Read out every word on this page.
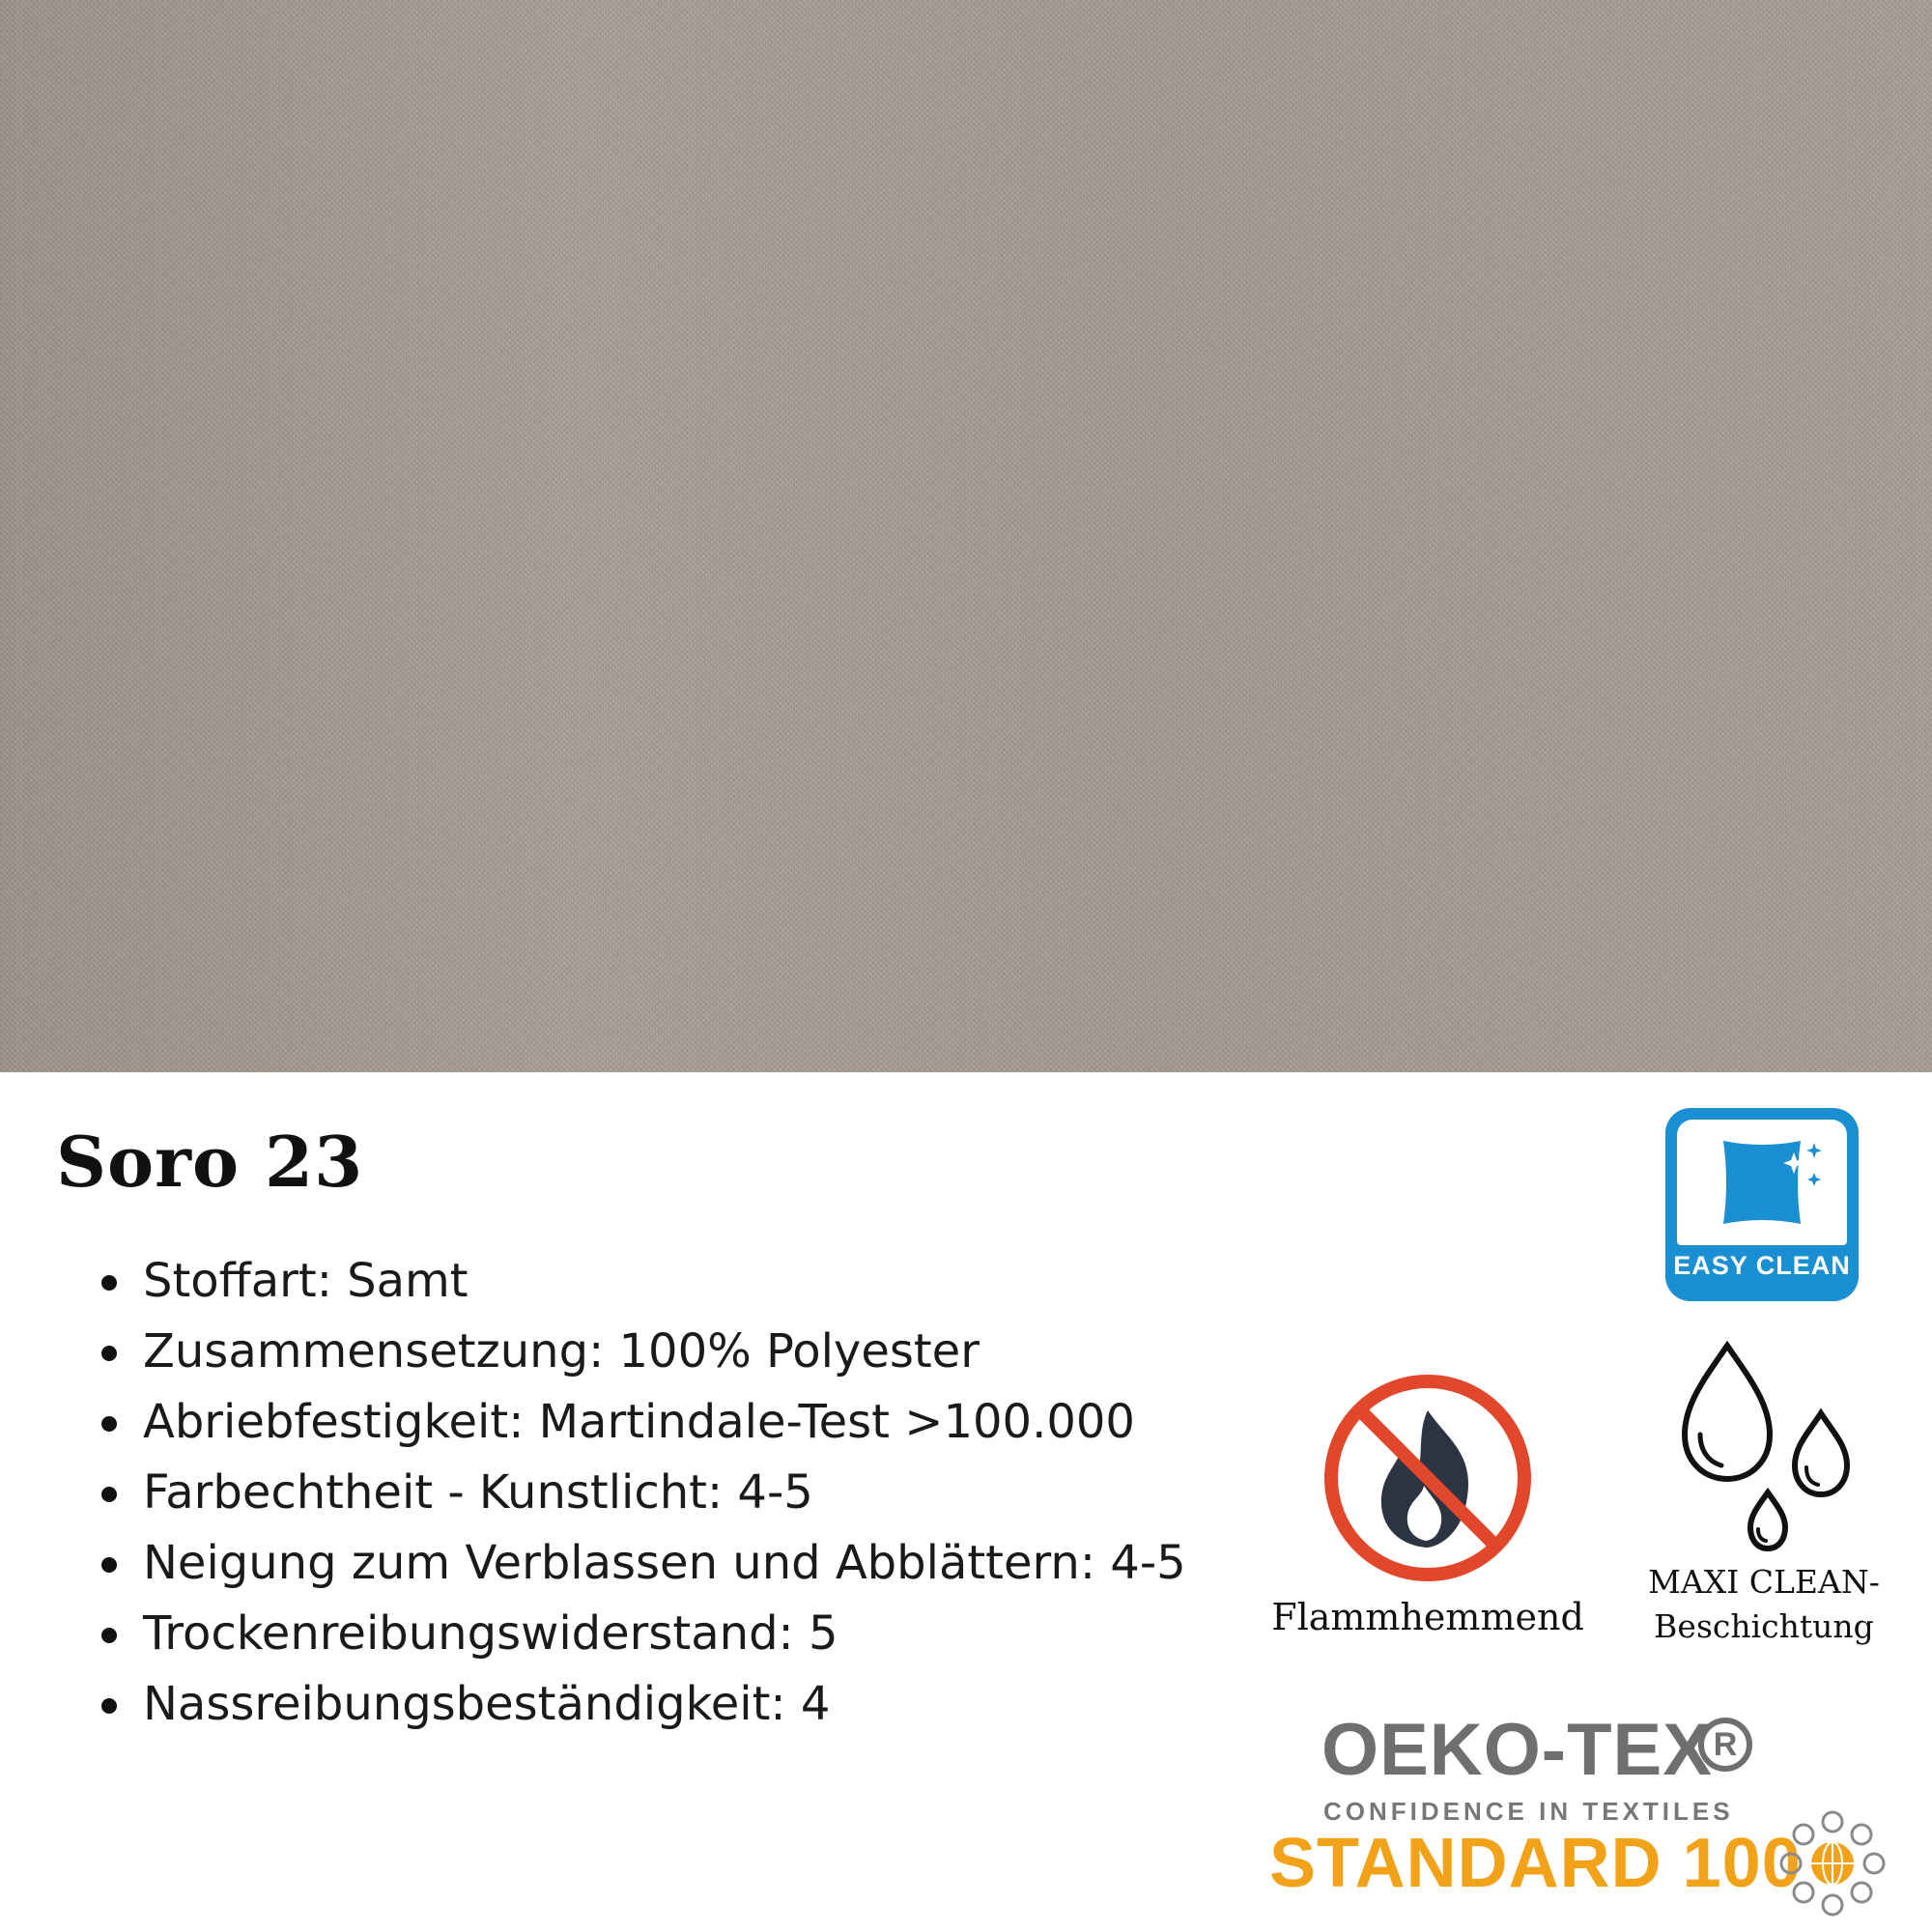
Soro 23
Stoffart: Samt
Zusammensetzung: 100% Polyester
Abriebfestigkeit: Martindale-Test >100.000
Farbechtheit - Kunstlicht: 4-5
Neigung zum Verblassen und Abblättern: 4-5
Trockenreibungswiderstand: 5
Nassreibungsbeständigkeit: 4
EASY CLEAN
Flammhemmend
MAXI CLEAN-
Beschichtung
OEKO-TEX R
CONFIDENCE IN TEXTILES
STANDARD 100
